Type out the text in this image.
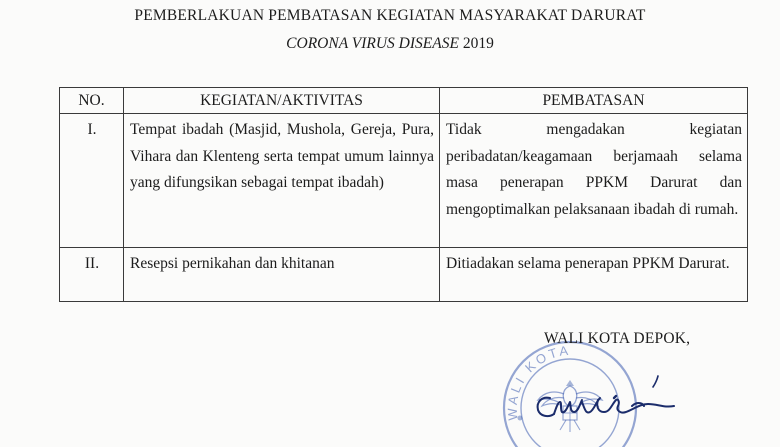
PEMBERLAKUAN PEMBATASAN KEGIATAN MASYARAKAT DARURAT
CORONA VIRUS DISEASE 2019
NO.	KEGIATAN/AKTIVITAS	PEMBATASAN
I.	Tempat ibadah (Masjid, Mushola, Gereja, Pura, Vihara dan Klenteng serta tempat umum lainnya yang difungsikan sebagai tempat ibadah)	Tidak mengadakan kegiatan peribadatan/keagamaan berjamaah selama masa penerapan PPKM Darurat dan mengoptimalkan pelaksanaan ibadah di rumah.
II.	Resepsi pernikahan dan khitanan	Ditiadakan selama penerapan PPKM Darurat.
WALI KOTA
WALI KOTA DEPOK,
